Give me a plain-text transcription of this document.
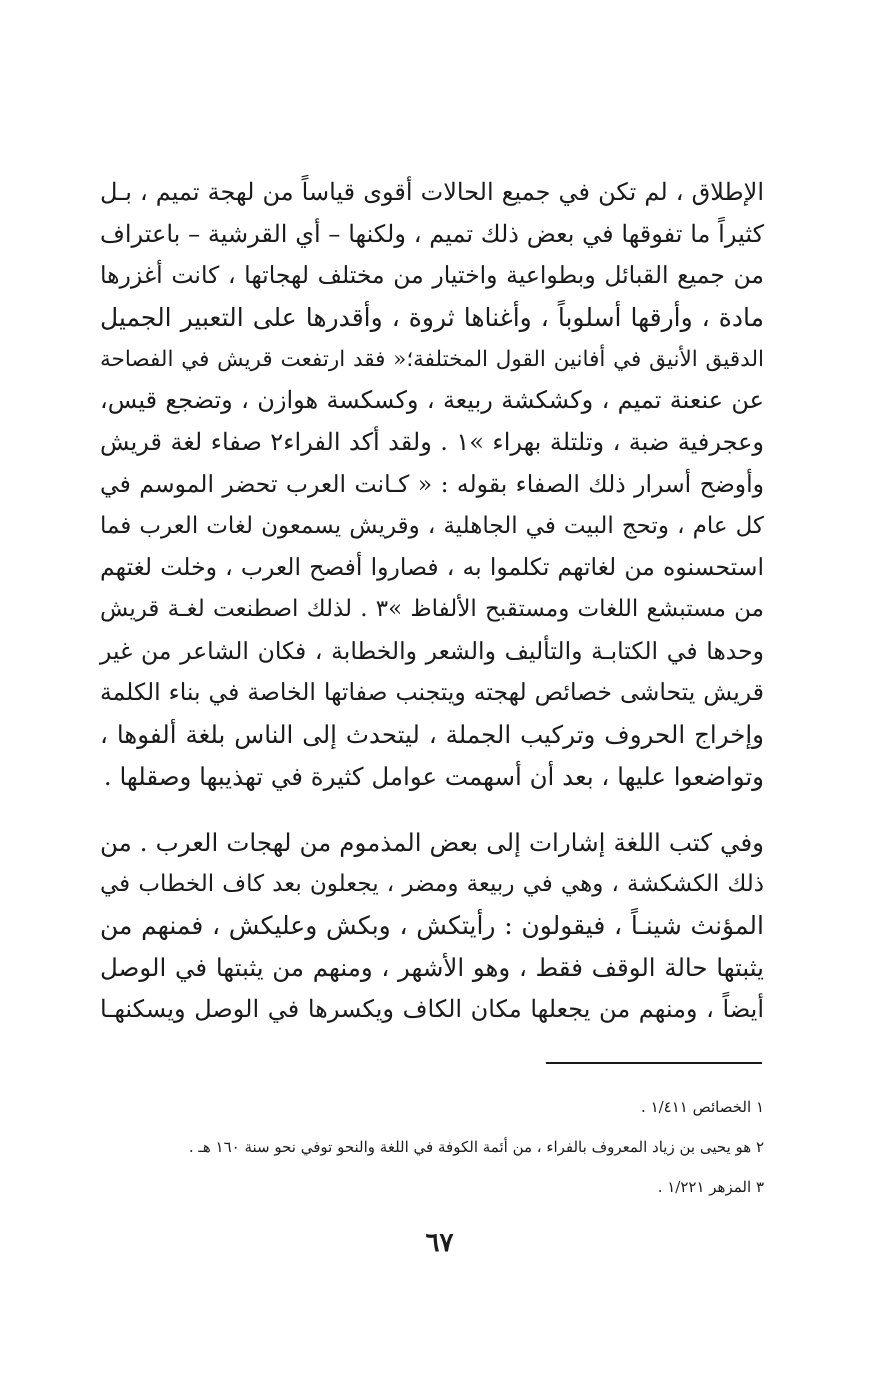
الإطلاق ، لم تكن في جميع الحالات أقوى قياساً من لهجة تميم ، بـل
كثيراً ما تفوقها في بعض ذلك تميم ، ولكنها – أي القرشية – باعتراف
من جميع القبائل وبطواعية واختيار من مختلف لهجاتها ، كانت أغزرها
مادة ، وأرقها أسلوباً ، وأغناها ثروة ، وأقدرها على التعبير الجميل
الدقيق الأنيق في أفانين القول المختلفة؛« فقد ارتفعت قريش في الفصاحة
عن عنعنة تميم ، وكشكشة ربيعة ، وكسكسة هوازن ، وتضجع قيس،
وعجرفية ضبة ، وتلتلة بهراء »١ . ولقد أكد الفراء٢ صفاء لغة قريش
وأوضح أسرار ذلك الصفاء بقوله : « كـانت العرب تحضر الموسم في
كل عام ، وتحج البيت في الجاهلية ، وقريش يسمعون لغات العرب فما
استحسنوه من لغاتهم تكلموا به ، فصاروا أفصح العرب ، وخلت لغتهم
من مستبشع اللغات ومستقبح الألفاظ »٣ . لذلك اصطنعت لغـة قريش
وحدها في الكتابـة والتأليف والشعر والخطابة ، فكان الشاعر من غير
قريش يتحاشى خصائص لهجته ويتجنب صفاتها الخاصة في بناء الكلمة
وإخراج الحروف وتركيب الجملة ، ليتحدث إلى الناس بلغة ألفوها ،
وتواضعوا عليها ، بعد أن أسهمت عوامل كثيرة في تهذيبها وصقلها .
وفي كتب اللغة إشارات إلى بعض المذموم من لهجات العرب . من
ذلك الكشكشة ، وهي في ربيعة ومضر ، يجعلون بعد كاف الخطاب في
المؤنث شينـاً ، فيقولون : رأيتكش ، وبكش وعليكش ، فمنهم من
يثبتها حالة الوقف فقط ، وهو الأشهر ، ومنهم من يثبتها في الوصل
أيضاً ، ومنهم من يجعلها مكان الكاف ويكسرها في الوصل ويسكنهـا
١ الخصائص ١/٤١١ .
٢ هو يحيى بن زياد المعروف بالفراء ، من أئمة الكوفة في اللغة والنحو توفي نحو سنة ١٦٠ هـ .
٣ المزهر ١/٢٢١ .
٦٧
